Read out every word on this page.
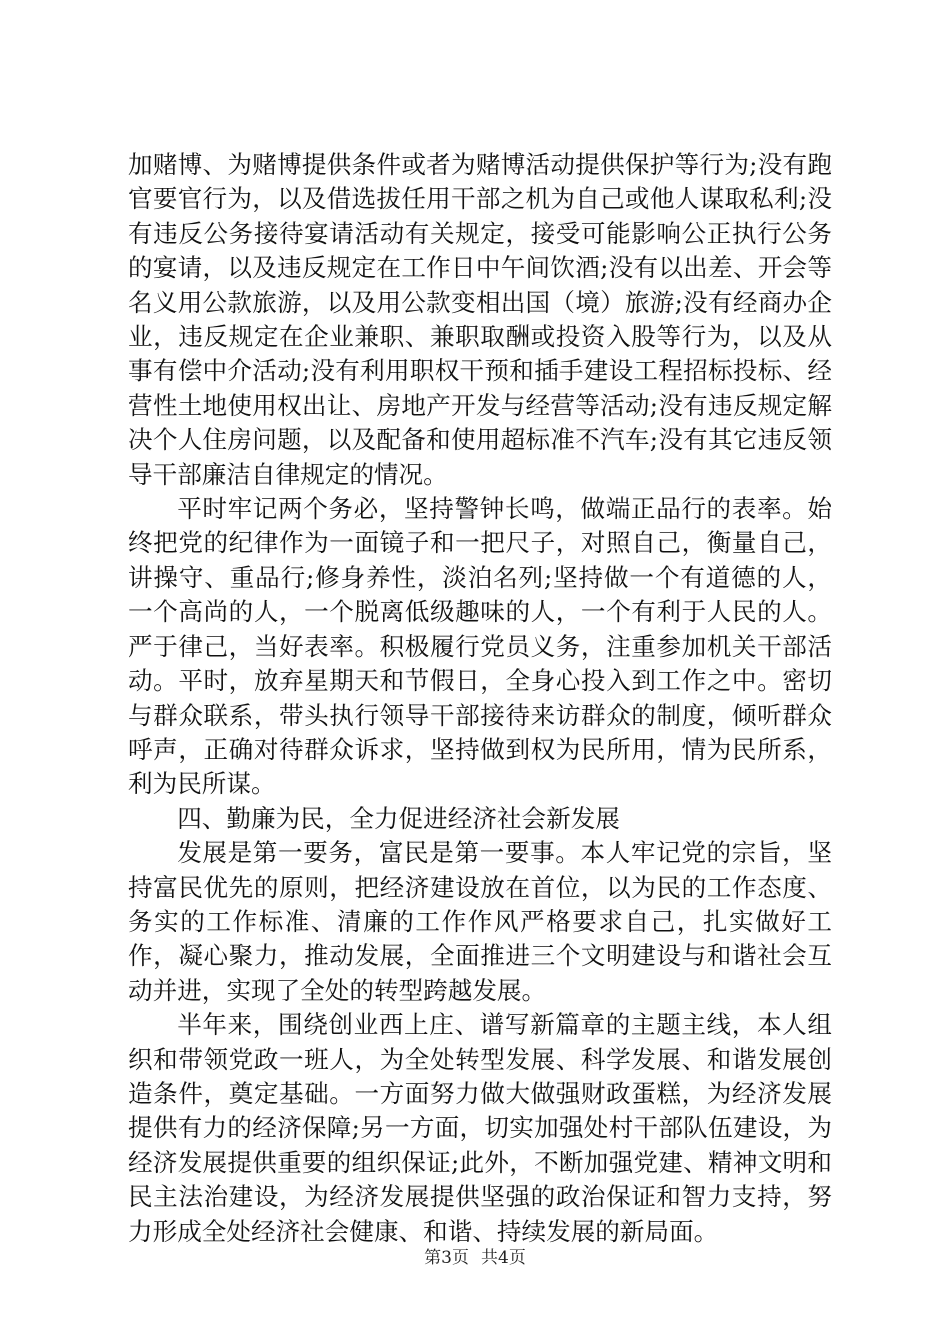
加赌博、为赌博提供条件或者为赌博活动提供保护等行为;没有跑官要官行为，以及借选拔任用干部之机为自己或他人谋取私利;没有违反公务接待宴请活动有关规定，接受可能影响公正执行公务的宴请，以及违反规定在工作日中午间饮酒;没有以出差、开会等名义用公款旅游，以及用公款变相出国（境）旅游;没有经商办企业，违反规定在企业兼职、兼职取酬或投资入股等行为，以及从事有偿中介活动;没有利用职权干预和插手建设工程招标投标、经营性土地使用权出让、房地产开发与经营等活动;没有违反规定解决个人住房问题，以及配备和使用超标准不汽车;没有其它违反领导干部廉洁自律规定的情况。

平时牢记两个务必，坚持警钟长鸣，做端正品行的表率。始终把党的纪律作为一面镜子和一把尺子，对照自己，衡量自己，讲操守、重品行;修身养性，淡泊名列;坚持做一个有道德的人，一个高尚的人，一个脱离低级趣味的人，一个有利于人民的人。严于律己，当好表率。积极履行党员义务，注重参加机关干部活动。平时，放弃星期天和节假日，全身心投入到工作之中。密切与群众联系，带头执行领导干部接待来访群众的制度，倾听群众呼声，正确对待群众诉求，坚持做到权为民所用，情为民所系，利为民所谋。

四、勤廉为民，全力促进经济社会新发展

发展是第一要务，富民是第一要事。本人牢记党的宗旨，坚持富民优先的原则，把经济建设放在首位，以为民的工作态度、务实的工作标准、清廉的工作作风严格要求自己，扎实做好工作，凝心聚力，推动发展，全面推进三个文明建设与和谐社会互动并进，实现了全处的转型跨越发展。

半年来，围绕创业西上庄、谱写新篇章的主题主线，本人组织和带领党政一班人，为全处转型发展、科学发展、和谐发展创造条件，奠定基础。一方面努力做大做强财政蛋糕，为经济发展提供有力的经济保障;另一方面，切实加强处村干部队伍建设，为经济发展提供重要的组织保证;此外，不断加强党建、精神文明和民主法治建设，为经济发展提供坚强的政治保证和智力支持，努力形成全处经济社会健康、和谐、持续发展的新局面。

第3页 共4页
